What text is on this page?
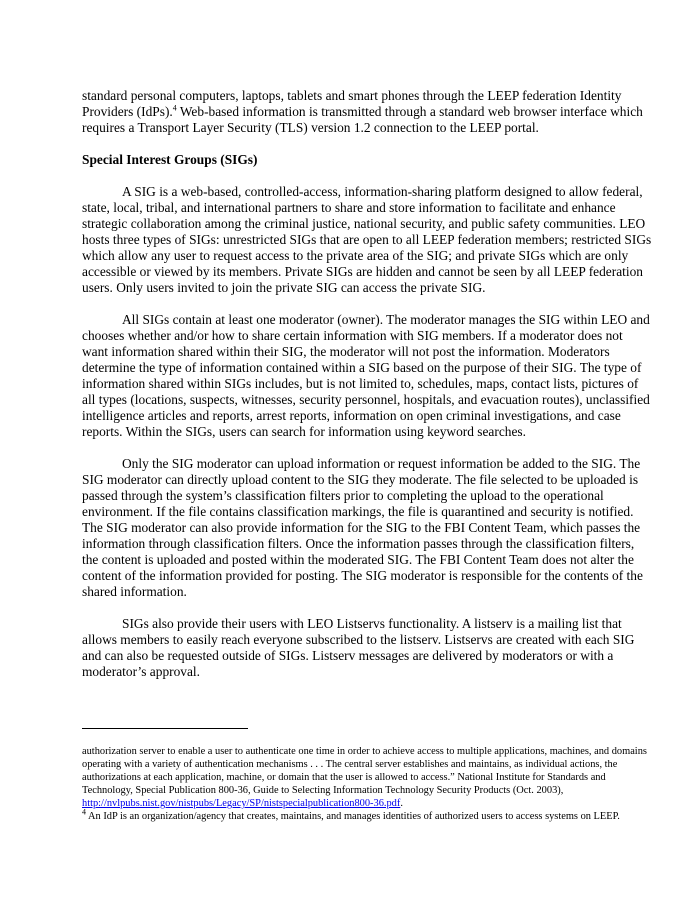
standard personal computers, laptops, tablets and smart phones through the LEEP federation Identity Providers (IdPs).$^4$ Web-based information is transmitted through a standard web browser interface which requires a Transport Layer Security (TLS) version 1.2 connection to the LEEP portal.

Special Interest Groups (SIGs)

A SIG is a web-based, controlled-access, information-sharing platform designed to allow federal, state, local, tribal, and international partners to share and store information to facilitate and enhance strategic collaboration among the criminal justice, national security, and public safety communities. LEO hosts three types of SIGs: unrestricted SIGs that are open to all LEEP federation members; restricted SIGs which allow any user to request access to the private area of the SIG; and private SIGs which are only accessible or viewed by its members. Private SIGs are hidden and cannot be seen by all LEEP federation users. Only users invited to join the private SIG can access the private SIG.

All SIGs contain at least one moderator (owner). The moderator manages the SIG within LEO and chooses whether and/or how to share certain information with SIG members. If a moderator does not want information shared within their SIG, the moderator will not post the information. Moderators determine the type of information contained within a SIG based on the purpose of their SIG. The type of information shared within SIGs includes, but is not limited to, schedules, maps, contact lists, pictures of all types (locations, suspects, witnesses, security personnel, hospitals, and evacuation routes), unclassified intelligence articles and reports, arrest reports, information on open criminal investigations, and case reports. Within the SIGs, users can search for information using keyword searches.

Only the SIG moderator can upload information or request information be added to the SIG. The SIG moderator can directly upload content to the SIG they moderate. The file selected to be uploaded is passed through the system’s classification filters prior to completing the upload to the operational environment. If the file contains classification markings, the file is quarantined and security is notified. The SIG moderator can also provide information for the SIG to the FBI Content Team, which passes the information through classification filters. Once the information passes through the classification filters, the content is uploaded and posted within the moderated SIG. The FBI Content Team does not alter the content of the information provided for posting. The SIG moderator is responsible for the contents of the shared information.

SIGs also provide their users with LEO Listservs functionality. A listserv is a mailing list that allows members to easily reach everyone subscribed to the listserv. Listservs are created with each SIG and can also be requested outside of SIGs. Listserv messages are delivered by moderators or with a moderator’s approval.

authorization server to enable a user to authenticate one time in order to achieve access to multiple applications, machines, and domains operating with a variety of authentication mechanisms . . . The central server establishes and maintains, as individual actions, the authorizations at each application, machine, or domain that the user is allowed to access.” National Institute for Standards and Technology, Special Publication 800-36, Guide to Selecting Information Technology Security Products (Oct. 2003), http://nvlpubs.nist.gov/nistpubs/Legacy/SP/nistspecialpublication800-36.pdf.

$^4$ An IdP is an organization/agency that creates, maintains, and manages identities of authorized users to access systems on LEEP.
